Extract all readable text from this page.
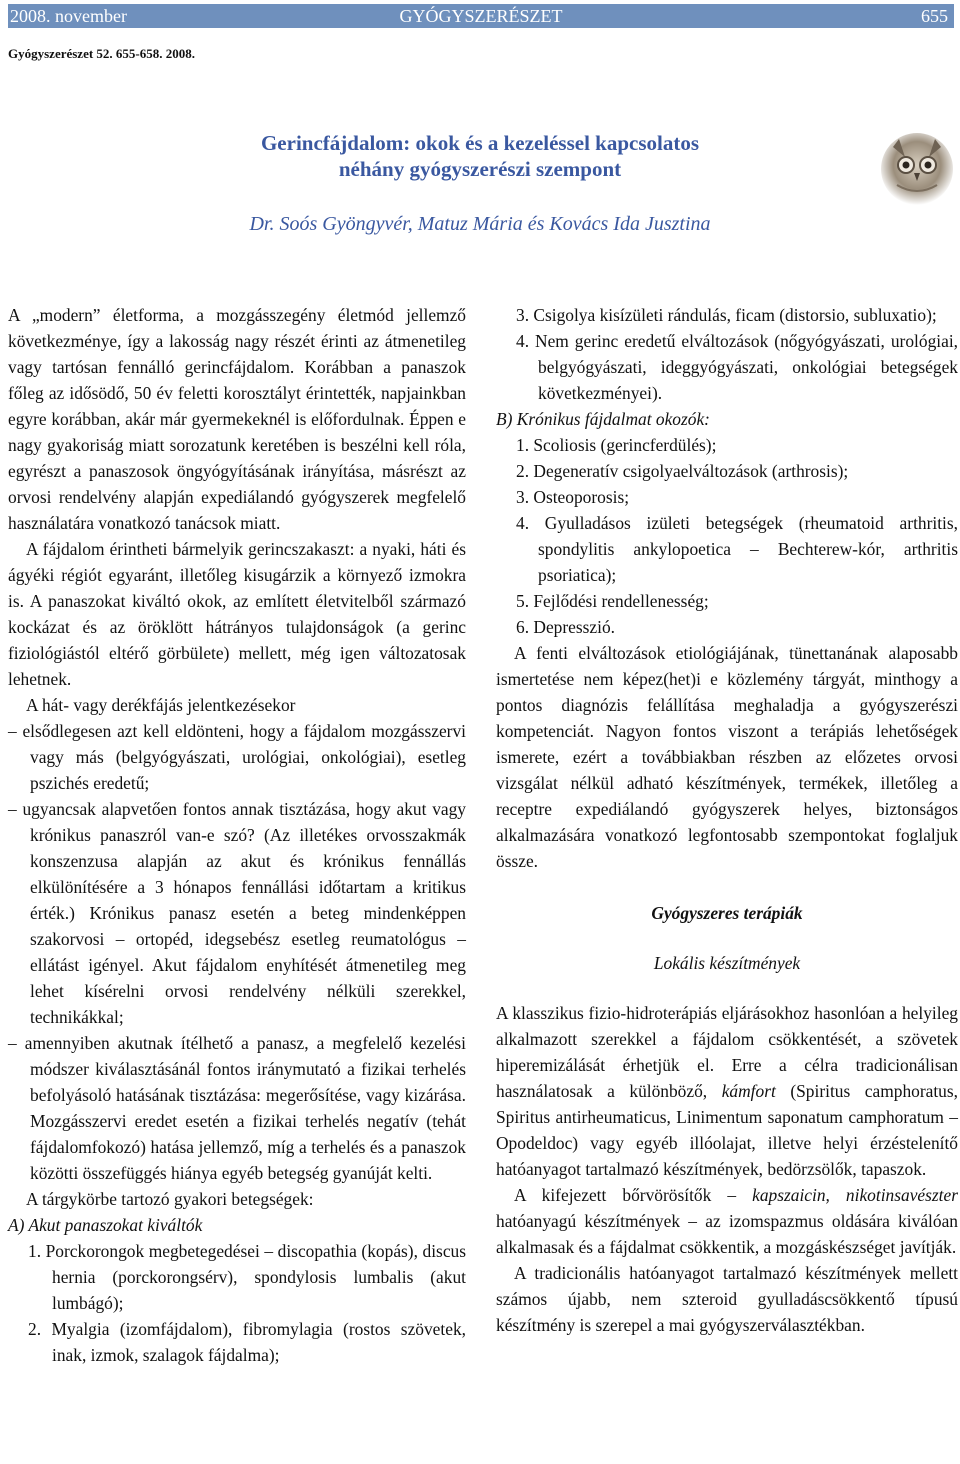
2008. november	GYÓGYSZERÉSZET	655
Gyógyszerészet 52. 655-658. 2008.
Gerincfájdalom: okok és a kezeléssel kapcsolatos
néhány gyógyszerészi szempont
Dr. Soós Gyöngyvér, Matuz Mária és Kovács Ida Jusztina

A „modern” életforma, a mozgásszegény életmód jellemző következménye, így a lakosság nagy részét érinti az átmenetileg vagy tartósan fennálló gerincfájdalom. Korábban a panaszok főleg az idősödő, 50 év feletti korosztályt érintették, napjainkban egyre korábban, akár már gyermekeknél is előfordulnak. Éppen e nagy gyakoriság miatt sorozatunk keretében is beszélni kell róla, egyrészt a panaszosok öngyógyításának irányítása, másrészt az orvosi rendelvény alapján expediálandó gyógyszerek megfelelő használatára vonatkozó tanácsok miatt.

A fájdalom érintheti bármelyik gerincszakaszt: a nyaki, háti és ágyéki régiót egyaránt, illetőleg kisugárzik a környező izmokra is. A panaszokat kiváltó okok, az említett életvitelből származó kockázat és az öröklött hátrányos tulajdonságok (a gerinc fiziológiástól eltérő görbülete) mellett, még igen változatosak lehetnek.

A hát- vagy derékfájás jelentkezésekor

– elsődlegesen azt kell eldönteni, hogy a fájdalom mozgásszervi vagy más (belgyógyászati, urológiai, onkológiai), esetleg pszichés eredetű;

– ugyancsak alapvetően fontos annak tisztázása, hogy akut vagy krónikus panaszról van-e szó? (Az illetékes orvosszakmák konszenzusa alapján az akut és krónikus fennállás elkülönítésére a 3 hónapos fennállási időtartam a kritikus érték.) Krónikus panasz esetén a beteg mindenképpen szakorvosi – ortopéd, idegsebész esetleg reumatológus – ellátást igényel. Akut fájdalom enyhítését átmenetileg meg lehet kísérelni orvosi rendelvény nélküli szerekkel, technikákkal;

– amennyiben akutnak ítélhető a panasz, a megfelelő kezelési módszer kiválasztásánál fontos iránymutató a fizikai terhelés befolyásoló hatásának tisztázása: megerősítése, vagy kizárása. Mozgásszervi eredet esetén a fizikai terhelés negatív (tehát fájdalomfokozó) hatása jellemző, míg a terhelés és a panaszok közötti összefüggés hiánya egyéb betegség gyanúját kelti.

A tárgykörbe tartozó gyakori betegségek:

A) Akut panaszokat kiváltók

1. Porckorongok megbetegedései – discopathia (kopás), discus hernia (porckorongsérv), spondylosis lumbalis (akut lumbágó);

2. Myalgia (izomfájdalom), fibromylagia (rostos szövetek, inak, izmok, szalagok fájdalma);

3. Csigolya kisízületi rándulás, ficam (distorsio, subluxatio);

4. Nem gerinc eredetű elváltozások (nőgyógyászati, urológiai, belgyógyászati, ideggyógyászati, onkológiai betegségek következményei).

B) Krónikus fájdalmat okozók:

1. Scoliosis (gerincferdülés);

2. Degeneratív csigolyaelváltozások (arthrosis);

3. Osteoporosis;

4. Gyulladásos izületi betegségek (rheumatoid arthritis, spondylitis ankylopoetica – Bechterew-kór, arthritis psoriatica);

5. Fejlődési rendellenesség;

6. Depresszió.

A fenti elváltozások etiológiájának, tünettanának alaposabb ismertetése nem képez(het)i e közlemény tárgyát, minthogy a pontos diagnózis felállítása meghaladja a gyógyszerészi kompetenciát. Nagyon fontos viszont a terápiás lehetőségek ismerete, ezért a továbbiakban részben az előzetes orvosi vizsgálat nélkül adható készítmények, termékek, illetőleg a receptre expediálandó gyógyszerek helyes, biztonságos alkalmazására vonatkozó legfontosabb szempontokat foglaljuk össze.

Gyógyszeres terápiák

Lokális készítmények

A klasszikus fizio-hidroterápiás eljárásokhoz hasonlóan a helyileg alkalmazott szerekkel a fájdalom csökkentését, a szövetek hiperemizálását érhetjük el. Erre a célra tradicionálisan használatosak a különböző, kámfort (Spiritus camphoratus, Spiritus antirheumaticus, Linimentum saponatum camphoratum – Opodeldoc) vagy egyéb illóolajat, illetve helyi érzéstelenítő hatóanyagot tartalmazó készítmények, bedörzsölők, tapaszok.

A kifejezett bőrvörösítők – kapszaicin, nikotinsavészter hatóanyagú készítmények – az izomspazmus oldására kiválóan alkalmasak és a fájdalmat csökkentik, a mozgáskészséget javítják.

A tradicionális hatóanyagot tartalmazó készítmények mellett számos újabb, nem szteroid gyulladáscsökkentő típusú készítmény is szerepel a mai gyógyszerválasztékban.
